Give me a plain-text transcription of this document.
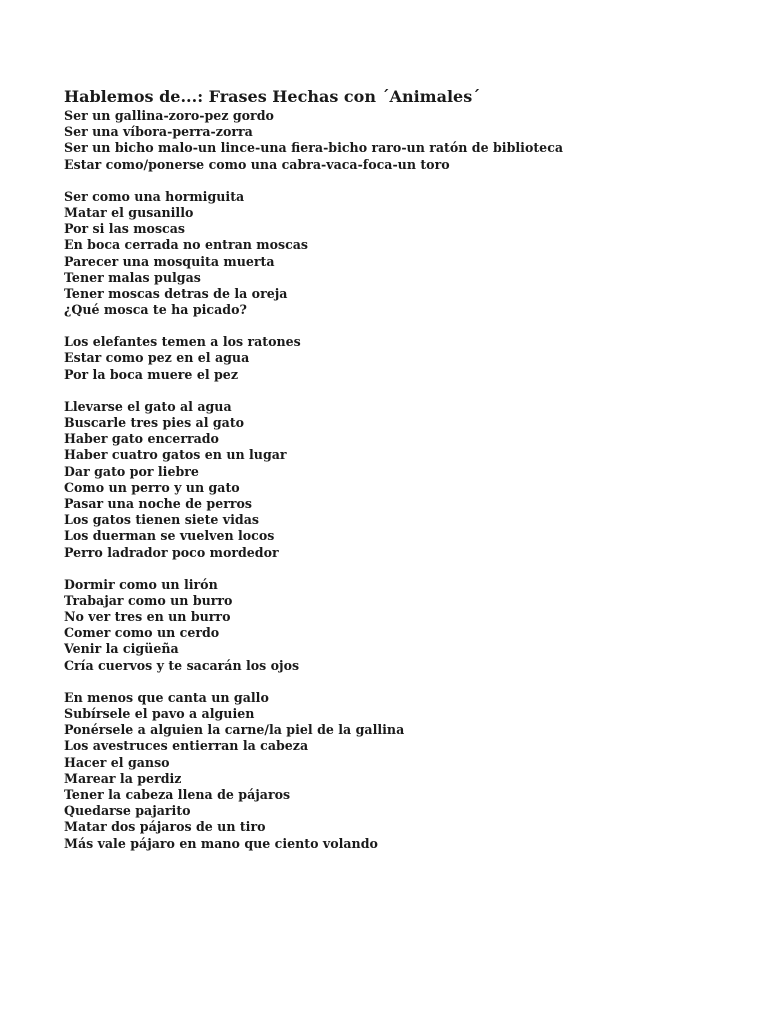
Hablemos de...: Frases Hechas con ´Animales´
Ser un gallina-zoro-pez gordo
Ser una víbora-perra-zorra
Ser un bicho malo-un lince-una fiera-bicho raro-un ratón de biblioteca
Estar como/ponerse como una cabra-vaca-foca-un toro
Ser como una hormiguita
Matar el gusanillo
Por si las moscas
En boca cerrada no entran moscas
Parecer una mosquita muerta
Tener malas pulgas
Tener moscas detras de la oreja
¿Qué mosca te ha picado?
Los elefantes temen a los ratones
Estar como pez en el agua
Por la boca muere el pez
Llevarse el gato al agua
Buscarle tres pies al gato
Haber gato encerrado
Haber cuatro gatos en un lugar
Dar gato por liebre
Como un perro y un gato
Pasar una noche de perros
Los gatos tienen siete vidas
Los duerman se vuelven locos
Perro ladrador poco mordedor
Dormir como un lirón
Trabajar como un burro
No ver tres en un burro
Comer como un cerdo
Venir la cigüeña
Cría cuervos y te sacarán los ojos
En menos que canta un gallo
Subírsele el pavo a alguien
Ponérsele a alguien la carne/la piel de la gallina
Los avestruces entierran la cabeza
Hacer el ganso
Marear la perdiz
Tener la cabeza llena de pájaros
Quedarse pajarito
Matar dos pájaros de un tiro
Más vale pájaro en mano que ciento volando
